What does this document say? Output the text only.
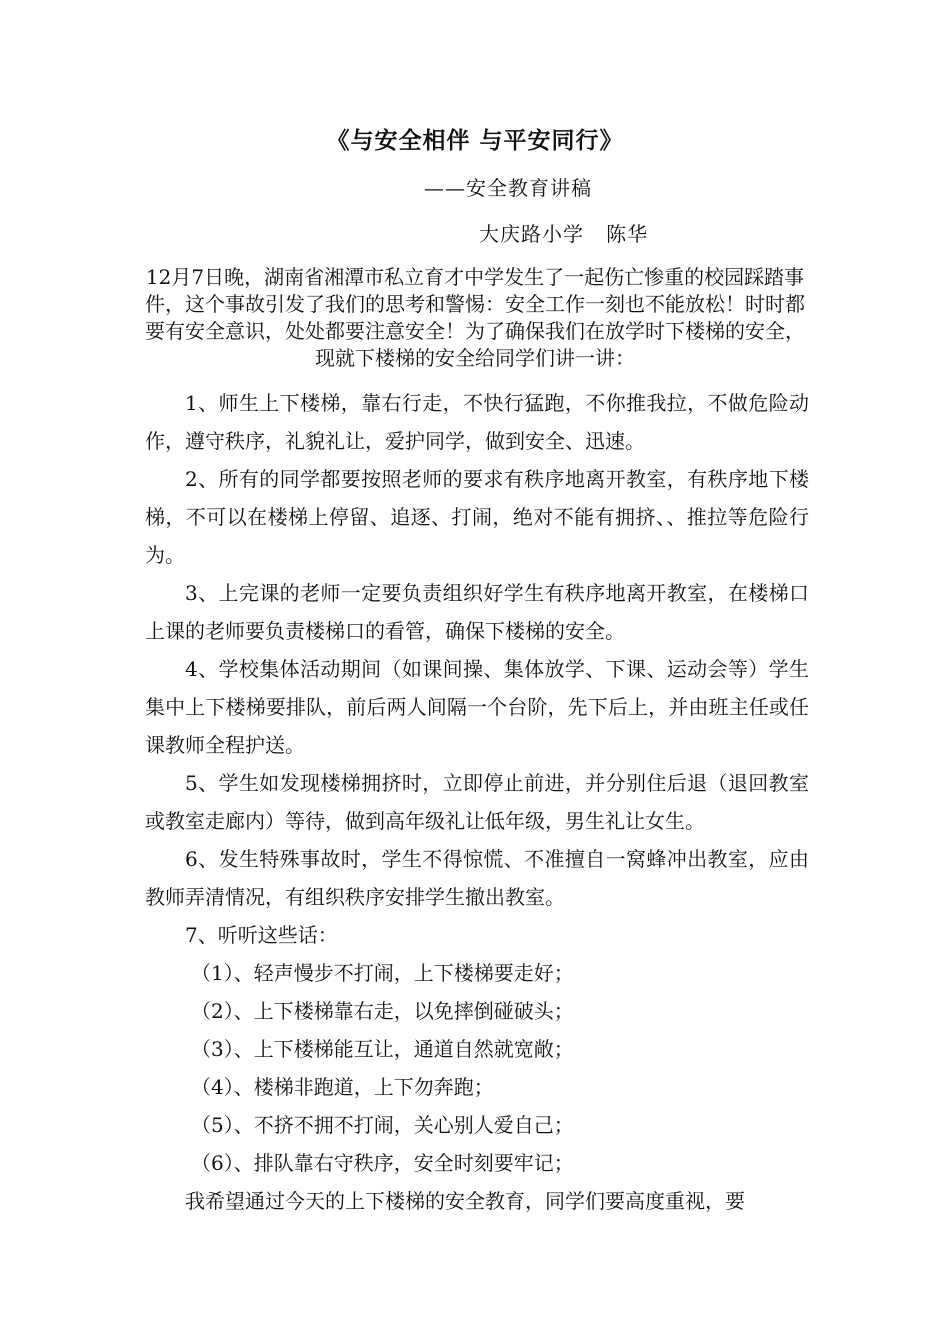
《与安全相伴 与平安同行》
——安全教育讲稿
大庆路小学   陈华
12月7日晚，湖南省湘潭市私立育才中学发生了一起伤亡惨重的校园踩踏事件，这个事故引发了我们的思考和警惕：安全工作一刻也不能放松！时时都要有安全意识，处处都要注意安全！为了确保我们在放学时下楼梯的安全，现就下楼梯的安全给同学们讲一讲：

1、师生上下楼梯，靠右行走，不快行猛跑，不你推我拉，不做危险动作，遵守秩序，礼貌礼让，爱护同学，做到安全、迅速。

2、所有的同学都要按照老师的要求有秩序地离开教室，有秩序地下楼梯，不可以在楼梯上停留、追逐、打闹，绝对不能有拥挤、、推拉等危险行为。

3、上完课的老师一定要负责组织好学生有秩序地离开教室，在楼梯口上课的老师要负责楼梯口的看管，确保下楼梯的安全。

4、学校集体活动期间（如课间操、集体放学、下课、运动会等）学生集中上下楼梯要排队，前后两人间隔一个台阶，先下后上，并由班主任或任课教师全程护送。

5、学生如发现楼梯拥挤时，立即停止前进，并分别住后退（退回教室或教室走廊内）等待，做到高年级礼让低年级，男生礼让女生。

6、发生特殊事故时，学生不得惊慌、不准擅自一窝蜂冲出教室，应由教师弄清情况，有组织秩序安排学生撤出教室。

7、听听这些话：

（1）、轻声慢步不打闹，上下楼梯要走好；

（2）、上下楼梯靠右走，以免摔倒碰破头；

（3）、上下楼梯能互让，通道自然就宽敞；

（4）、楼梯非跑道，上下勿奔跑；

（5）、不挤不拥不打闹，关心别人爱自己；

（6）、排队靠右守秩序，安全时刻要牢记；

我希望通过今天的上下楼梯的安全教育，同学们要高度重视，要
